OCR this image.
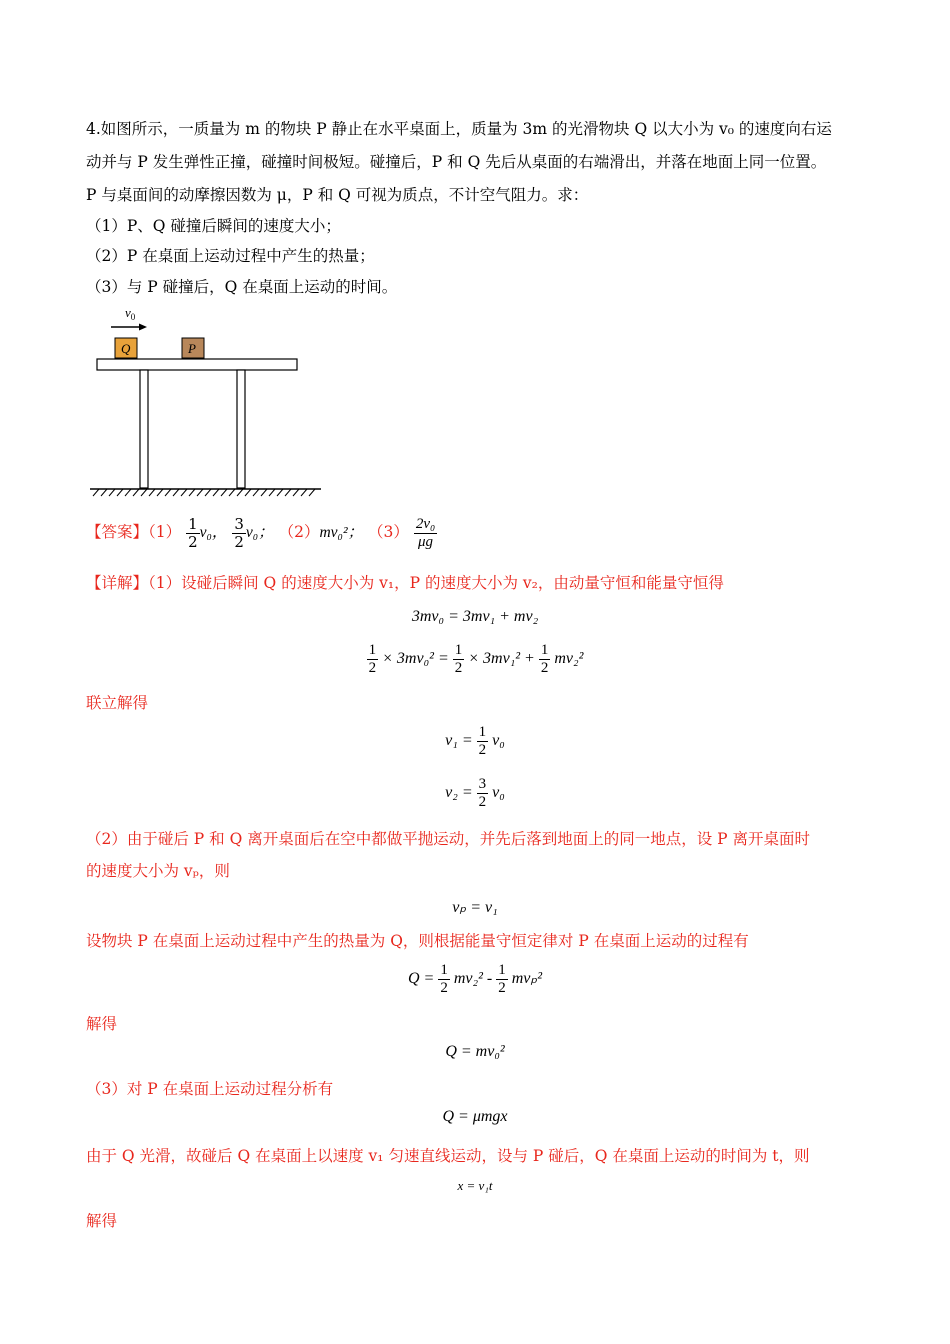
4.如图所示，一质量为 m 的物块 P 静止在水平桌面上，质量为 3m 的光滑物块 Q 以大小为 v₀ 的速度向右运
动并与 P 发生弹性正撞，碰撞时间极短。碰撞后，P 和 Q 先后从桌面的右端滑出，并落在地面上同一位置。
P 与桌面间的动摩擦因数为 μ，P 和 Q 可视为质点，不计空气阻力。求：
（1）P、Q 碰撞后瞬间的速度大小；
（2）P 在桌面上运动过程中产生的热量；
（3）与 P 碰撞后，Q 在桌面上运动的时间。
$v_0$
Q	P
【答案】$(1) \frac{1}{2} v_0$， $\frac{3}{2} v_0$； （2）mv₀²； $(3) \frac{\text{2v₀}}{\mu g}$
【详解】（1）设碰后瞬间 Q 的速度大小为 v₁，P 的速度大小为 v₂，由动量守恒和能量守恒得
3mv₀ = 3mv₁ + mv₂
$\frac{1}{2} \times 3mv_0^2 = \frac{1}{2} \times 3mv_1^2 + \frac{1}{2} mv_2^2$
联立解得
$v_1 = \frac{1}{2} v_0$
$v_2 = \frac{3}{2} v_0$
（2）由于碰后 P 和 Q 离开桌面后在空中都做平抛运动，并先后落到地面上的同一地点，设 P 离开桌面时
的速度大小为 vₚ，则
vₚ = v₁
设物块 P 在桌面上运动过程中产生的热量为 Q，则根据能量守恒定律对 P 在桌面上运动的过程有
$Q = \frac{1}{2} mv_2^2 - \frac{1}{2} mv_p^2$
解得
Q = mv₀²
（3）对 P 在桌面上运动过程分析有
Q = μmgx
由于 Q 光滑，故碰后 Q 在桌面上以速度 v₁ 匀速直线运动，设与 P 碰后，Q 在桌面上运动的时间为 t，则
x = v₁t
解得
